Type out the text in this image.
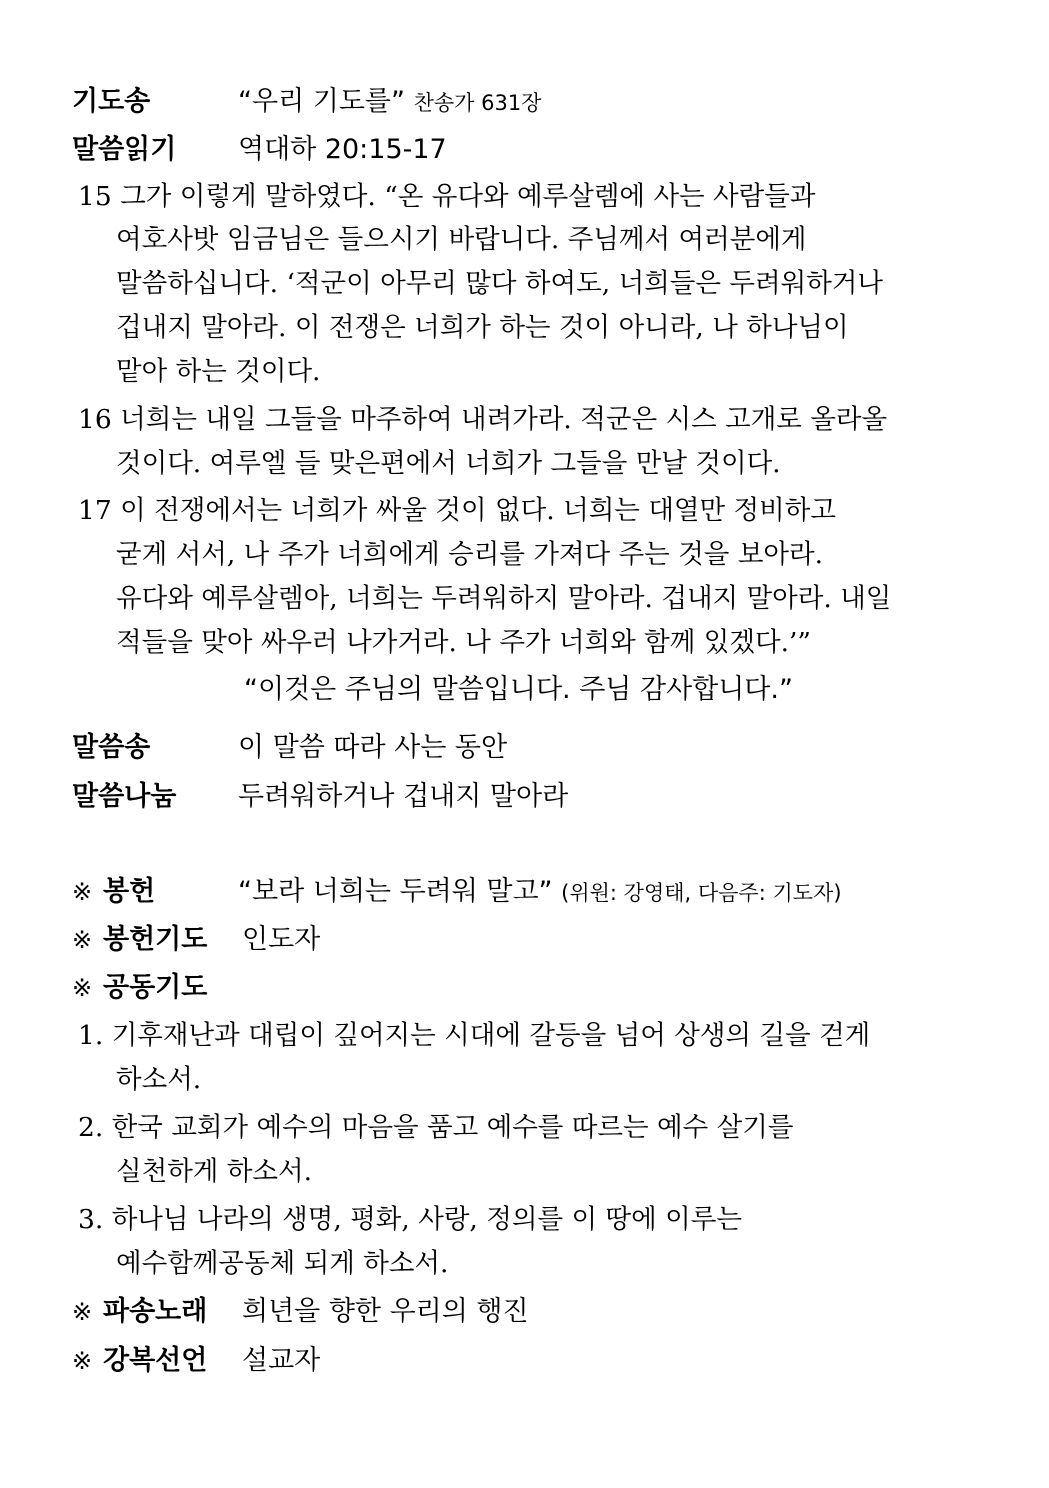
기도송	“우리 기도를” 찬송가 631장
말씀읽기 역대하 20:15-17
15 그가 이렇게 말하였다. “온 유다와 예루살렘에 사는 사람들과
여호사밧 임금님은 들으시기 바랍니다. 주님께서 여러분에게
말씀하십니다. ‘적군이 아무리 많다 하여도, 너희들은 두려워하거나
겁내지 말아라. 이 전쟁은 너희가 하는 것이 아니라, 나 하나님이
맡아 하는 것이다.
16 너희는 내일 그들을 마주하여 내려가라. 적군은 시스 고개로 올라올
것이다. 여루엘 들 맞은편에서 너희가 그들을 만날 것이다.
17 이 전쟁에서는 너희가 싸울 것이 없다. 너희는 대열만 정비하고
굳게 서서, 나 주가 너희에게 승리를 가져다 주는 것을 보아라.
유다와 예루살렘아, 너희는 두려워하지 말아라. 겁내지 말아라. 내일
적들을 맞아 싸우러 나가거라. 나 주가 너희와 함께 있겠다.’”
“이것은 주님의 말씀입니다. 주님 감사합니다.”
말씀송	이 말씀 따라 사는 동안
말씀나눔 두려워하거나 겁내지 말아라
※ 봉헌	“보라 너희는 두려워 말고” (위원: 강영태, 다음주: 기도자)
※ 봉헌기도 인도자
※ 공동기도
1. 기후재난과 대립이 깊어지는 시대에 갈등을 넘어 상생의 길을 걷게
하소서.
2. 한국 교회가 예수의 마음을 품고 예수를 따르는 예수 살기를
실천하게 하소서.
3. 하나님 나라의 생명, 평화, 사랑, 정의를 이 땅에 이루는
예수함께공동체 되게 하소서.
※ 파송노래 희년을 향한 우리의 행진
※ 강복선언 설교자
